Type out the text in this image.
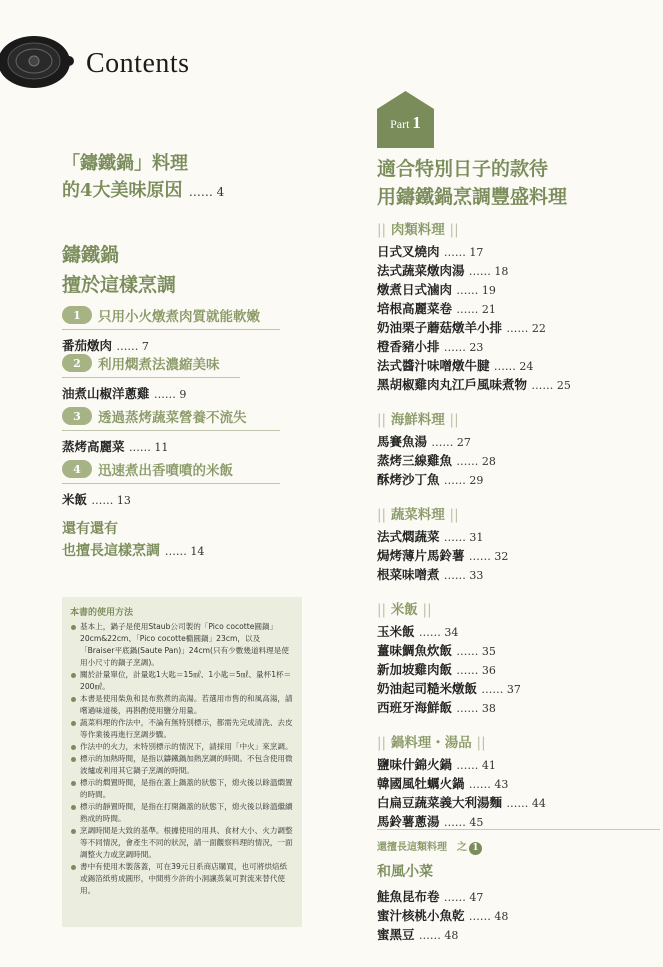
Contents
「鑄鐵鍋」料理
的4大美味原因 …… 4
鑄鐵鍋
擅於這樣烹調
1	只用小火燉煮肉質就能軟嫩
番茄燉肉 …… 7
2	利用燜煮法濃縮美味
油煮山椒洋蔥雞 …… 9
3	透過蒸烤蔬菜營養不流失
蒸烤高麗菜 …… 11
4	迅速煮出香噴噴的米飯
米飯 …… 13
還有還有
也擅長這樣烹調 …… 14
本書的使用方法
基本上，鍋子是使用Staub公司製的「Pico cocotte圓鍋」20cm&22cm、「Pico cocotte橢圓鍋」23cm，以及「Braiser平底鍋(Saute Pan)」24cm(只有少數幾道料理是使用小尺寸的鍋子烹調)。
關於計量單位，計量匙1大匙＝15㎖、1小匙＝5㎖、量杯1杯＝200㎖。
本書是使用柴魚和昆布熬煮的高湯。若選用市售的和風高湯，請嚐過味道後，再斟酌使用鹽分用量。
蔬菜料理的作法中，不論有無特別標示，都需先完成清洗、去皮等作業後再進行烹調步驟。
作法中的火力，未特別標示的情況下，請採用「中火」來烹調。
標示的加熱時間，是指以鑄鐵鍋加熱烹調的時間。不包含使用微波爐或利用其它鍋子烹調的時間。
標示的燜置時間，是指在蓋上鍋蓋的狀態下，熄火後以餘溫燜置的時間。
標示的靜置時間，是指在打開鍋蓋的狀態下，熄火後以餘溫繼續熟成的時間。
烹調時間是大致的基準。根據使用的用具、食材大小、火力調整等不同情況，會產生不同的狀況，請一面觀察料理的情況，一面調整火力或烹調時間。
書中有使用木製落蓋，可在39元日系商店購買，也可將烘焙紙或錫箔紙剪成圓形，中間剪少許的小洞讓蒸氣可對流來替代使用。
Part 1
適合特別日子的款待
用鑄鐵鍋烹調豐盛料理
|| 肉類料理 ||
日式叉燒肉 …… 17
法式蔬菜燉肉湯 …… 18
燉煮日式滷肉 …… 19
培根高麗菜卷 …… 21
奶油栗子蘑菇燉羊小排 …… 22
橙香豬小排 …… 23
法式醬汁味噌燉牛腱 …… 24
黑胡椒雞肉丸江戶風味煮物 …… 25
|| 海鮮料理 ||
馬賽魚湯 …… 27
蒸烤三線雞魚 …… 28
酥烤沙丁魚 …… 29
|| 蔬菜料理 ||
法式燜蔬菜 …… 31
焗烤薄片馬鈴薯 …… 32
根菜味噌煮 …… 33
|| 米飯 ||
玉米飯 …… 34
薑味鯛魚炊飯 …… 35
新加坡雞肉飯 …… 36
奶油起司糙米燉飯 …… 37
西班牙海鮮飯 …… 38
|| 鍋料理・湯品 ||
鹽味什錦火鍋 …… 41
韓國風牡蠣火鍋 …… 43
白扁豆蔬菜義大利湯麵 …… 44
馬鈴薯蔥湯 …… 45
還擅長這類料理　之 1
和風小菜
鮭魚昆布卷 …… 47
蜜汁核桃小魚乾 …… 48
蜜黑豆 …… 48
